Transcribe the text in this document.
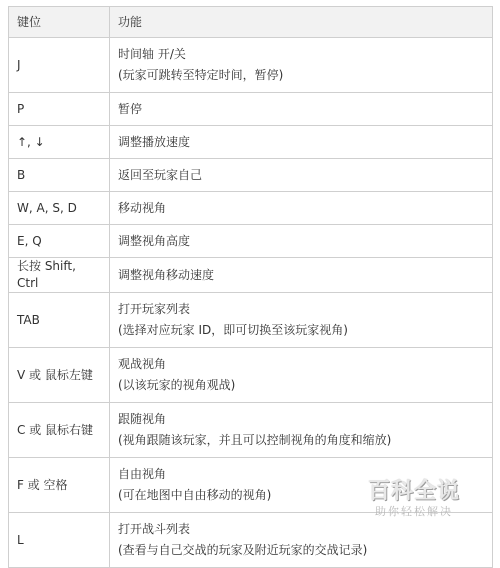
键位	功能
J	时间轴 开/关
(玩家可跳转至特定时间，暂停)

P	暂停
↑, ↓	调整播放速度
B	返回至玩家自己
W, A, S, D	移动视角
E, Q	调整视角高度
长按 Shift, Ctrl	调整视角移动速度
TAB	打开玩家列表
(选择对应玩家 ID，即可切换至该玩家视角)

V 或 鼠标左键	观战视角
(以该玩家的视角观战)

C 或 鼠标右键	跟随视角
(视角跟随该玩家，并且可以控制视角的角度和缩放)

F 或 空格	自由视角
(可在地图中自由移动的视角)

L	打开战斗列表
(查看与自己交战的玩家及附近玩家的交战记录)
百科全说
助你轻松解决
